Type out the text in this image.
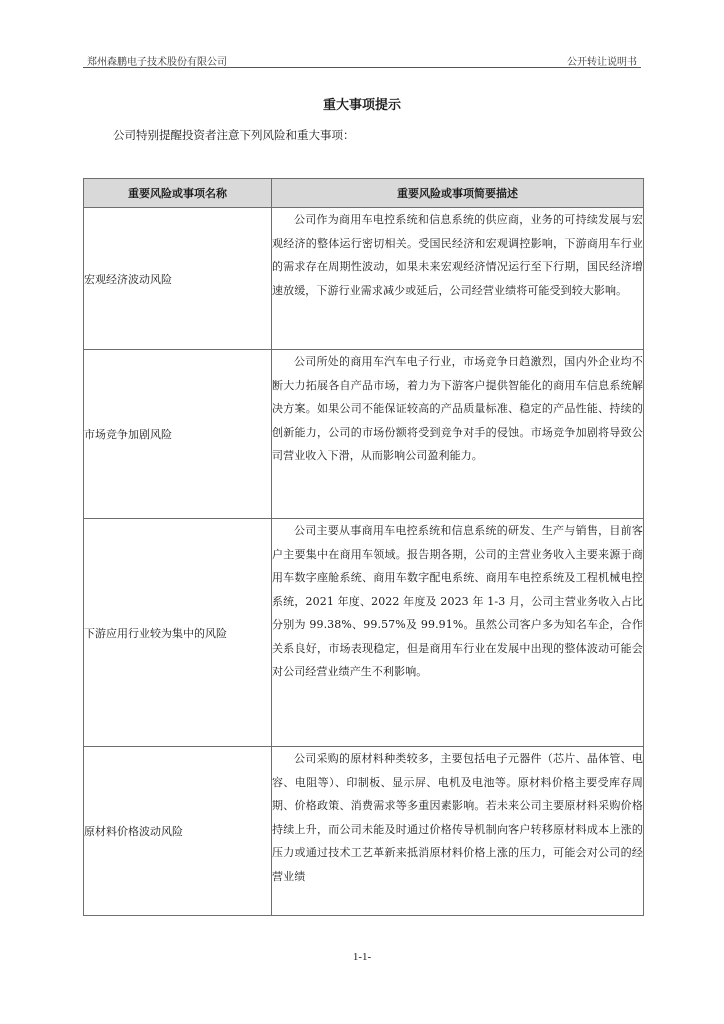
郑州森鹏电子技术股份有限公司	公开转让说明书
重大事项提示
公司特别提醒投资者注意下列风险和重大事项：
重要风险或事项名称	重要风险或事项简要描述
宏观经济波动风险	公司作为商用车电控系统和信息系统的供应商，业务的可持续发展与宏观经济的整体运行密切相关。受国民经济和宏观调控影响，下游商用车行业的需求存在周期性波动，如果未来宏观经济情况运行至下行期，国民经济增速放缓，下游行业需求减少或延后，公司经营业绩将可能受到较大影响。

市场竞争加剧风险	公司所处的商用车汽车电子行业，市场竞争日趋激烈，国内外企业均不断大力拓展各自产品市场，着力为下游客户提供智能化的商用车信息系统解决方案。如果公司不能保证较高的产品质量标准、稳定的产品性能、持续的创新能力，公司的市场份额将受到竞争对手的侵蚀。市场竞争加剧将导致公司营业收入下滑，从而影响公司盈利能力。

下游应用行业较为集中的风险	公司主要从事商用车电控系统和信息系统的研发、生产与销售，目前客户主要集中在商用车领域。报告期各期，公司的主营业务收入主要来源于商用车数字座舱系统、商用车数字配电系统、商用车电控系统及工程机械电控系统，2021 年度、2022 年度及 2023 年 1-3 月，公司主营业务收入占比分别为 99.38%、99.57%及 99.91%。虽然公司客户多为知名车企，合作关系良好，市场表现稳定，但是商用车行业在发展中出现的整体波动可能会对公司经营业绩产生不利影响。

原材料价格波动风险	公司采购的原材料种类较多，主要包括电子元器件（芯片、晶体管、电容、电阻等）、印制板、显示屏、电机及电池等。原材料价格主要受库存周期、价格政策、消费需求等多重因素影响。若未来公司主要原材料采购价格持续上升，而公司未能及时通过价格传导机制向客户转移原材料成本上涨的压力或通过技术工艺革新来抵消原材料价格上涨的压力，可能会对公司的经营业绩

1-1-
